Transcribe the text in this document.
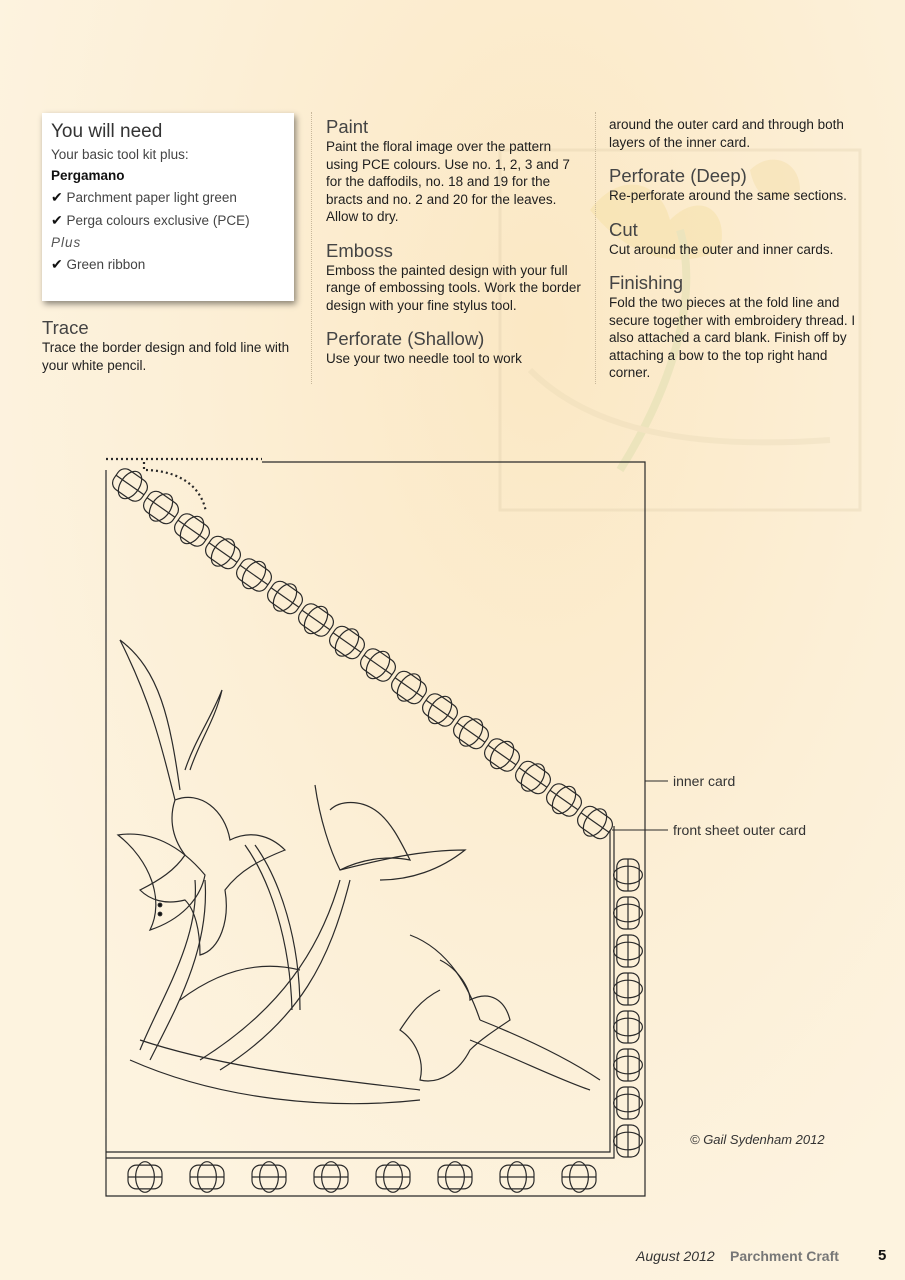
You will need
Your basic tool kit plus:
Pergamano
✔ Parchment paper light green
✔ Perga colours exclusive (PCE)
Plus
✔ Green ribbon
Trace

Trace the border design and fold line with your white pencil.

Paint

Paint the floral image over the pattern using PCE colours. Use no. 1, 2, 3 and 7 for the daffodils, no. 18 and 19 for the bracts and no. 2 and 20 for the leaves. Allow to dry.

Emboss

Emboss the painted design with your full range of embossing tools. Work the border design with your fine stylus tool.

Perforate (Shallow)

Use your two needle tool to work

around the outer card and through both layers of the inner card.

Perforate (Deep)

Re-perforate around the same sections.

Cut

Cut around the outer and inner cards.

Finishing

Fold the two pieces at the fold line and secure together with embroidery thread. I also attached a card blank. Finish off by attaching a bow to the top right hand corner.

inner card
front sheet outer card
© Gail Sydenham 2012
August 2012 Parchment Craft	5
